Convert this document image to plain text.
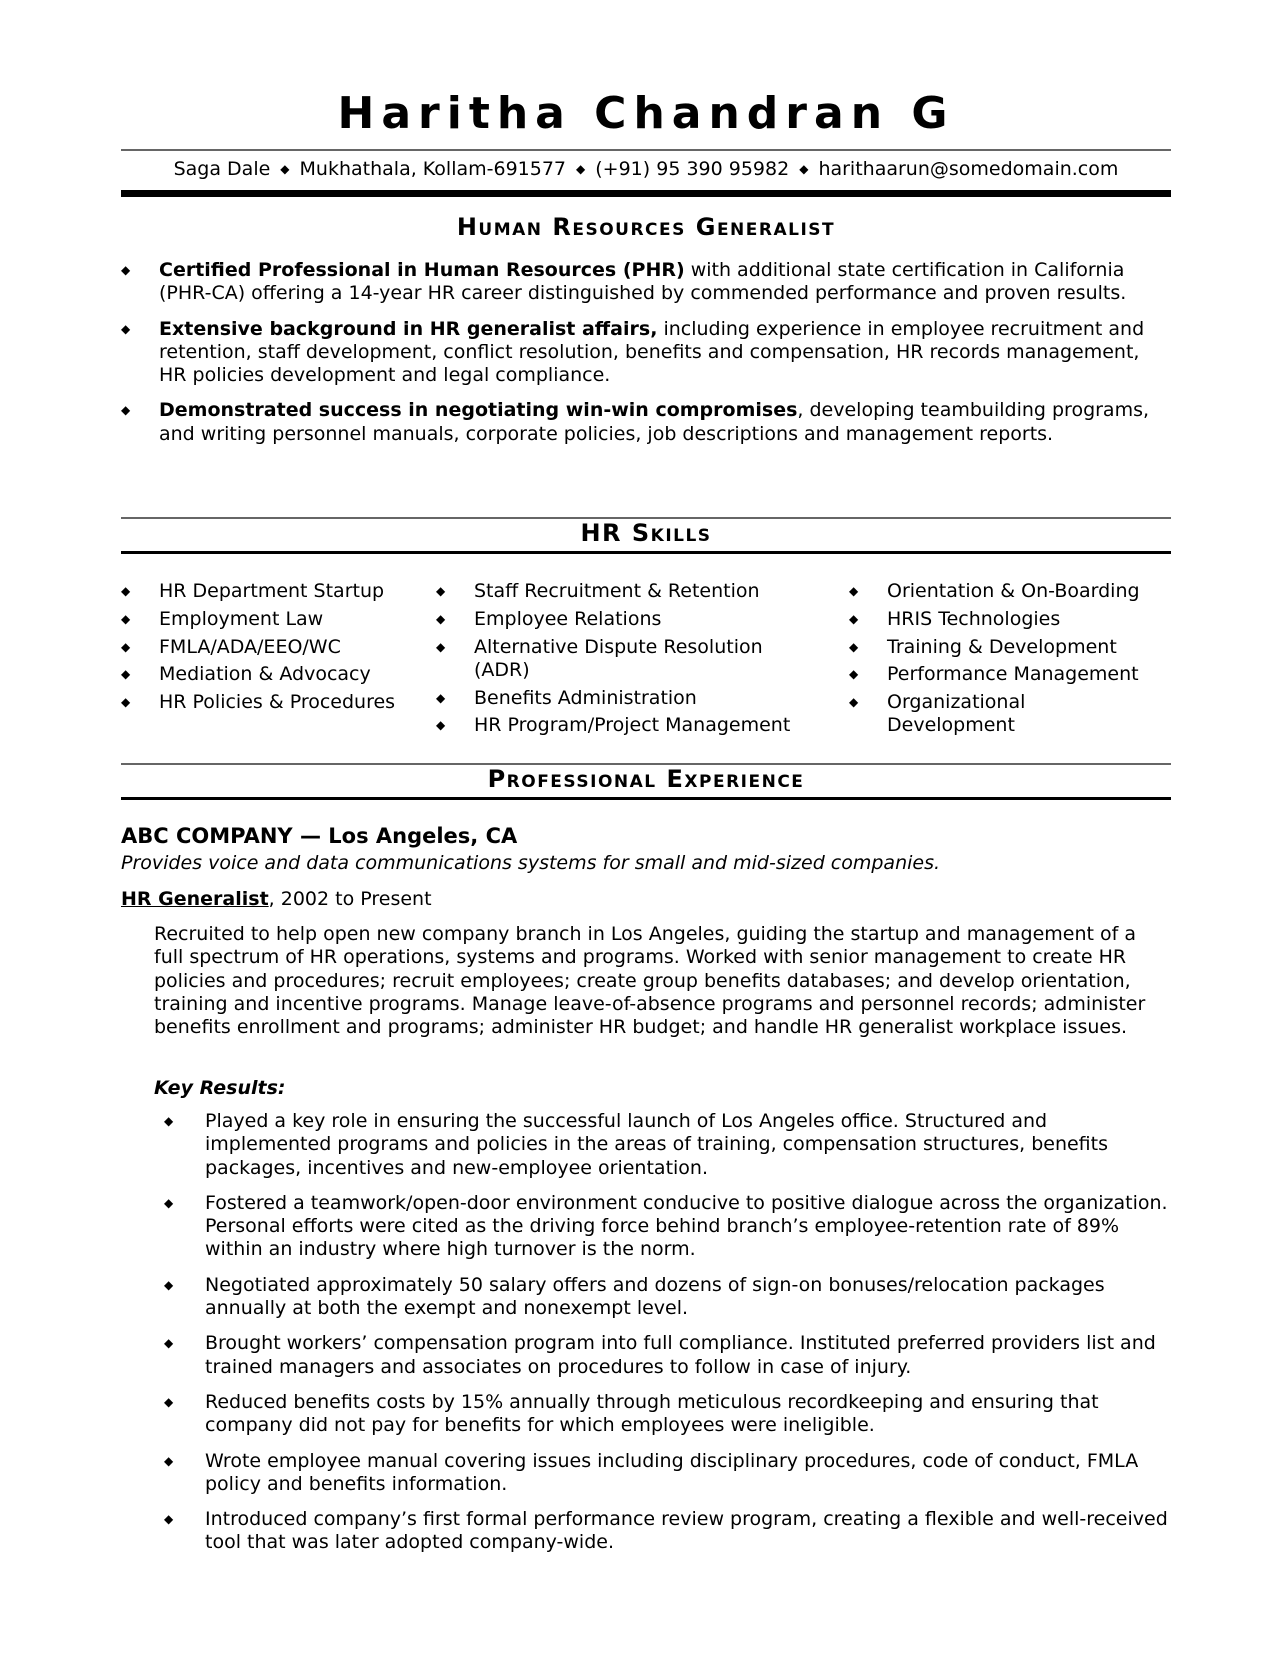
Haritha Chandran G
Saga Dale ◆ Mukhathala, Kollam-691577 ◆ (+91) 95 390 95982 ◆ harithaarun@somedomain.com
Human Resources Generalist
◆ Certified Professional in Human Resources (PHR) with additional state certification in California (PHR-CA) offering a 14-year HR career distinguished by commended performance and proven results.
◆ Extensive background in HR generalist affairs, including experience in employee recruitment and retention, staff development, conflict resolution, benefits and compensation, HR records management, HR policies development and legal compliance.
◆ Demonstrated success in negotiating win-win compromises, developing teambuilding programs, and writing personnel manuals, corporate policies, job descriptions and management reports.
HR Skills
◆ HR Department Startup
◆ Employment Law
◆ FMLA/ADA/EEO/WC
◆ Mediation & Advocacy
◆ HR Policies & Procedures
◆ Staff Recruitment & Retention
◆ Employee Relations
◆ Alternative Dispute Resolution (ADR)
◆ Benefits Administration
◆ HR Program/Project Management
◆ Orientation & On-Boarding
◆ HRIS Technologies
◆ Training & Development
◆ Performance Management
◆ Organizational Development
Professional Experience
ABC COMPANY — Los Angeles, CA
Provides voice and data communications systems for small and mid-sized companies.
HR Generalist, 2002 to Present
Recruited to help open new company branch in Los Angeles, guiding the startup and management of a full spectrum of HR operations, systems and programs. Worked with senior management to create HR policies and procedures; recruit employees; create group benefits databases; and develop orientation, training and incentive programs. Manage leave-of-absence programs and personnel records; administer benefits enrollment and programs; administer HR budget; and handle HR generalist workplace issues.
Key Results:
◆ Played a key role in ensuring the successful launch of Los Angeles office. Structured and implemented programs and policies in the areas of training, compensation structures, benefits packages, incentives and new-employee orientation.
◆ Fostered a teamwork/open-door environment conducive to positive dialogue across the organization. Personal efforts were cited as the driving force behind branch’s employee-retention rate of 89% within an industry where high turnover is the norm.
◆ Negotiated approximately 50 salary offers and dozens of sign-on bonuses/relocation packages annually at both the exempt and nonexempt level.
◆ Brought workers’ compensation program into full compliance. Instituted preferred providers list and trained managers and associates on procedures to follow in case of injury.
◆ Reduced benefits costs by 15% annually through meticulous recordkeeping and ensuring that company did not pay for benefits for which employees were ineligible.
◆ Wrote employee manual covering issues including disciplinary procedures, code of conduct, FMLA policy and benefits information.
◆ Introduced company’s first formal performance review program, creating a flexible and well-received tool that was later adopted company-wide.
